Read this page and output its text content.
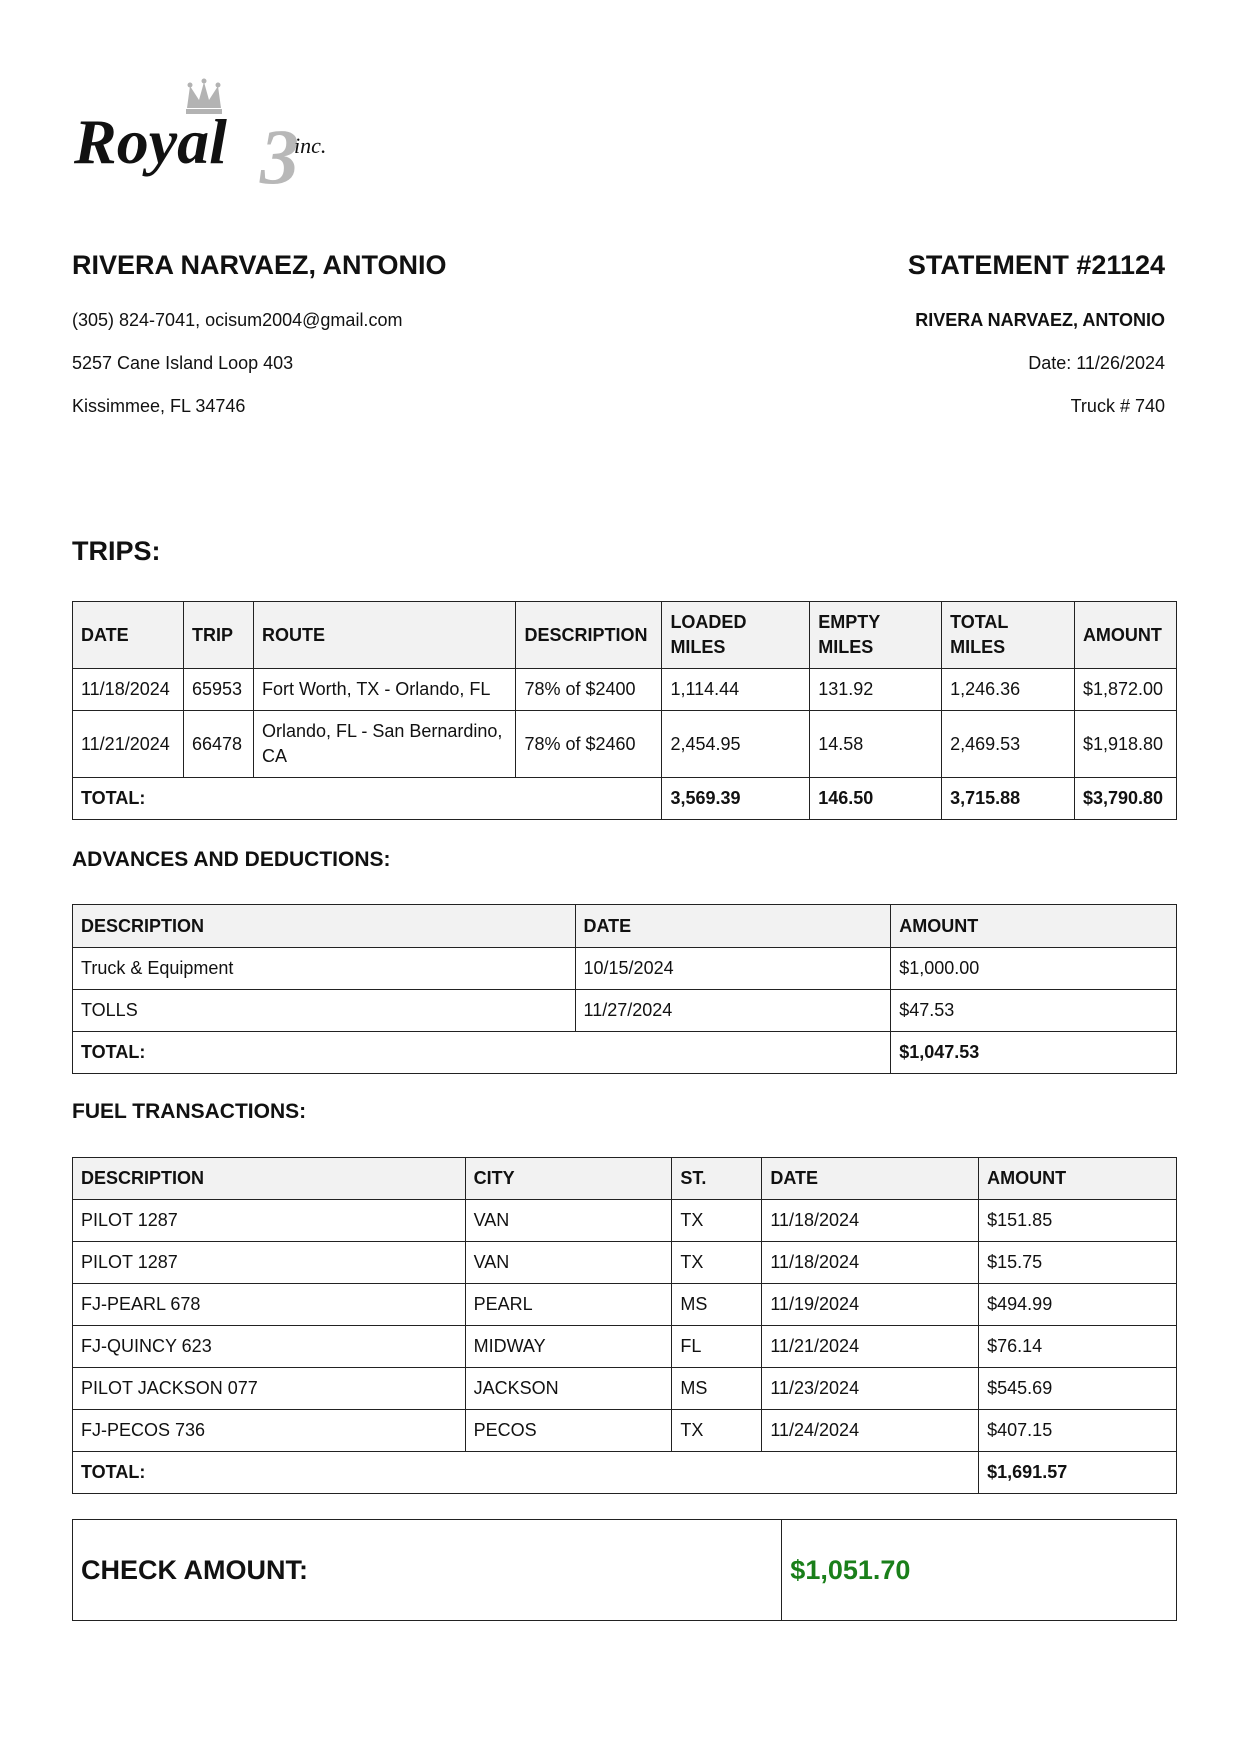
3
Royal	inc.
RIVERA NARVAEZ, ANTONIO	STATEMENT #21124
(305) 824-7041, ocisum2004@gmail.com
5257 Cane Island Loop 403
Kissimmee, FL 34746
RIVERA NARVAEZ, ANTONIO
Date: 11/26/2024
Truck # 740
TRIPS:
DATE	TRIP	ROUTE	DESCRIPTION	LOADED MILES	EMPTY MILES	TOTAL MILES	AMOUNT
11/18/2024	65953	Fort Worth, TX - Orlando, FL	78% of $2400	1,114.44	131.92	1,246.36	$1,872.00
11/21/2024	66478	Orlando, FL - San Bernardino, CA	78% of $2460	2,454.95	14.58	2,469.53	$1,918.80
TOTAL:				3,569.39	146.50	3,715.88	$3,790.80
ADVANCES AND DEDUCTIONS:
DESCRIPTION	DATE	AMOUNT
Truck & Equipment	10/15/2024	$1,000.00
TOLLS	11/27/2024	$47.53
TOTAL:		$1,047.53
FUEL TRANSACTIONS:
DESCRIPTION	CITY	ST.	DATE	AMOUNT
PILOT 1287	VAN	TX	11/18/2024	$151.85
PILOT 1287	VAN	TX	11/18/2024	$15.75
FJ-PEARL 678	PEARL	MS	11/19/2024	$494.99
FJ-QUINCY 623	MIDWAY	FL	11/21/2024	$76.14
PILOT JACKSON 077	JACKSON	MS	11/23/2024	$545.69
FJ-PECOS 736	PECOS	TX	11/24/2024	$407.15
TOTAL:				$1,691.57
CHECK AMOUNT:	$1,051.70
